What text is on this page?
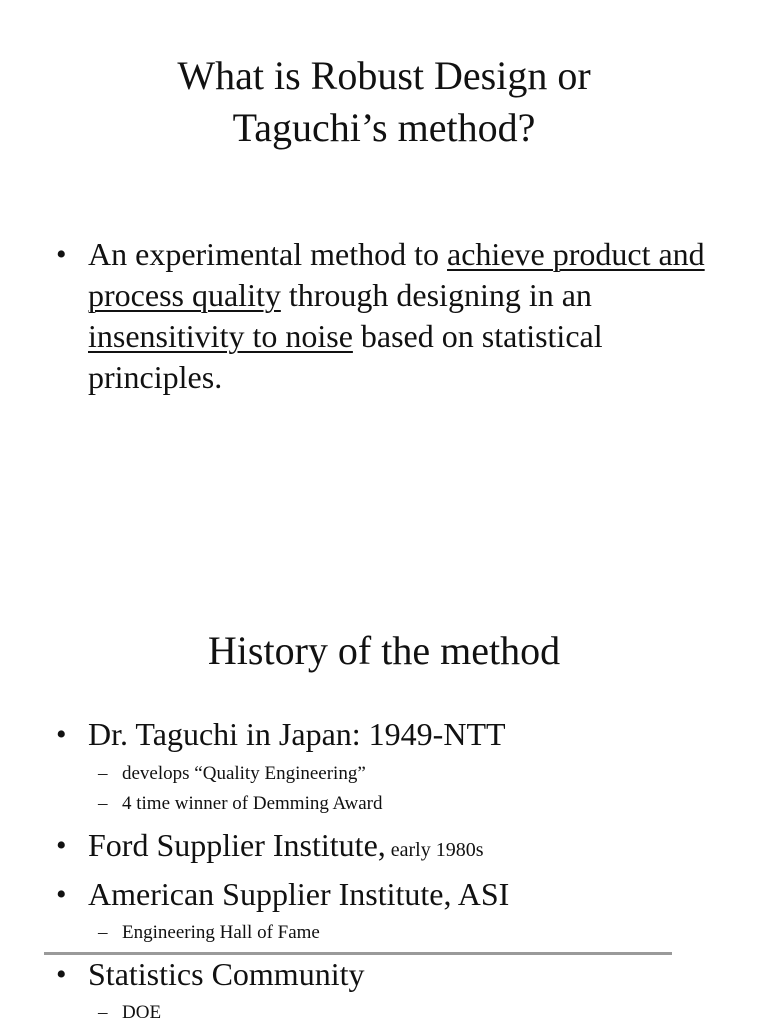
What is Robust Design or
Taguchi’s method?
• An experimental method to achieve product and process quality through designing in an insensitivity to noise based on statistical principles.
History of the method
• Dr. Taguchi in Japan: 1949-NTT
– develops “Quality Engineering”
– 4 time winner of Demming Award
• Ford Supplier Institute, early 1980s
• American Supplier Institute, ASI
– Engineering Hall of Fame
• Statistics Community
– DOE
